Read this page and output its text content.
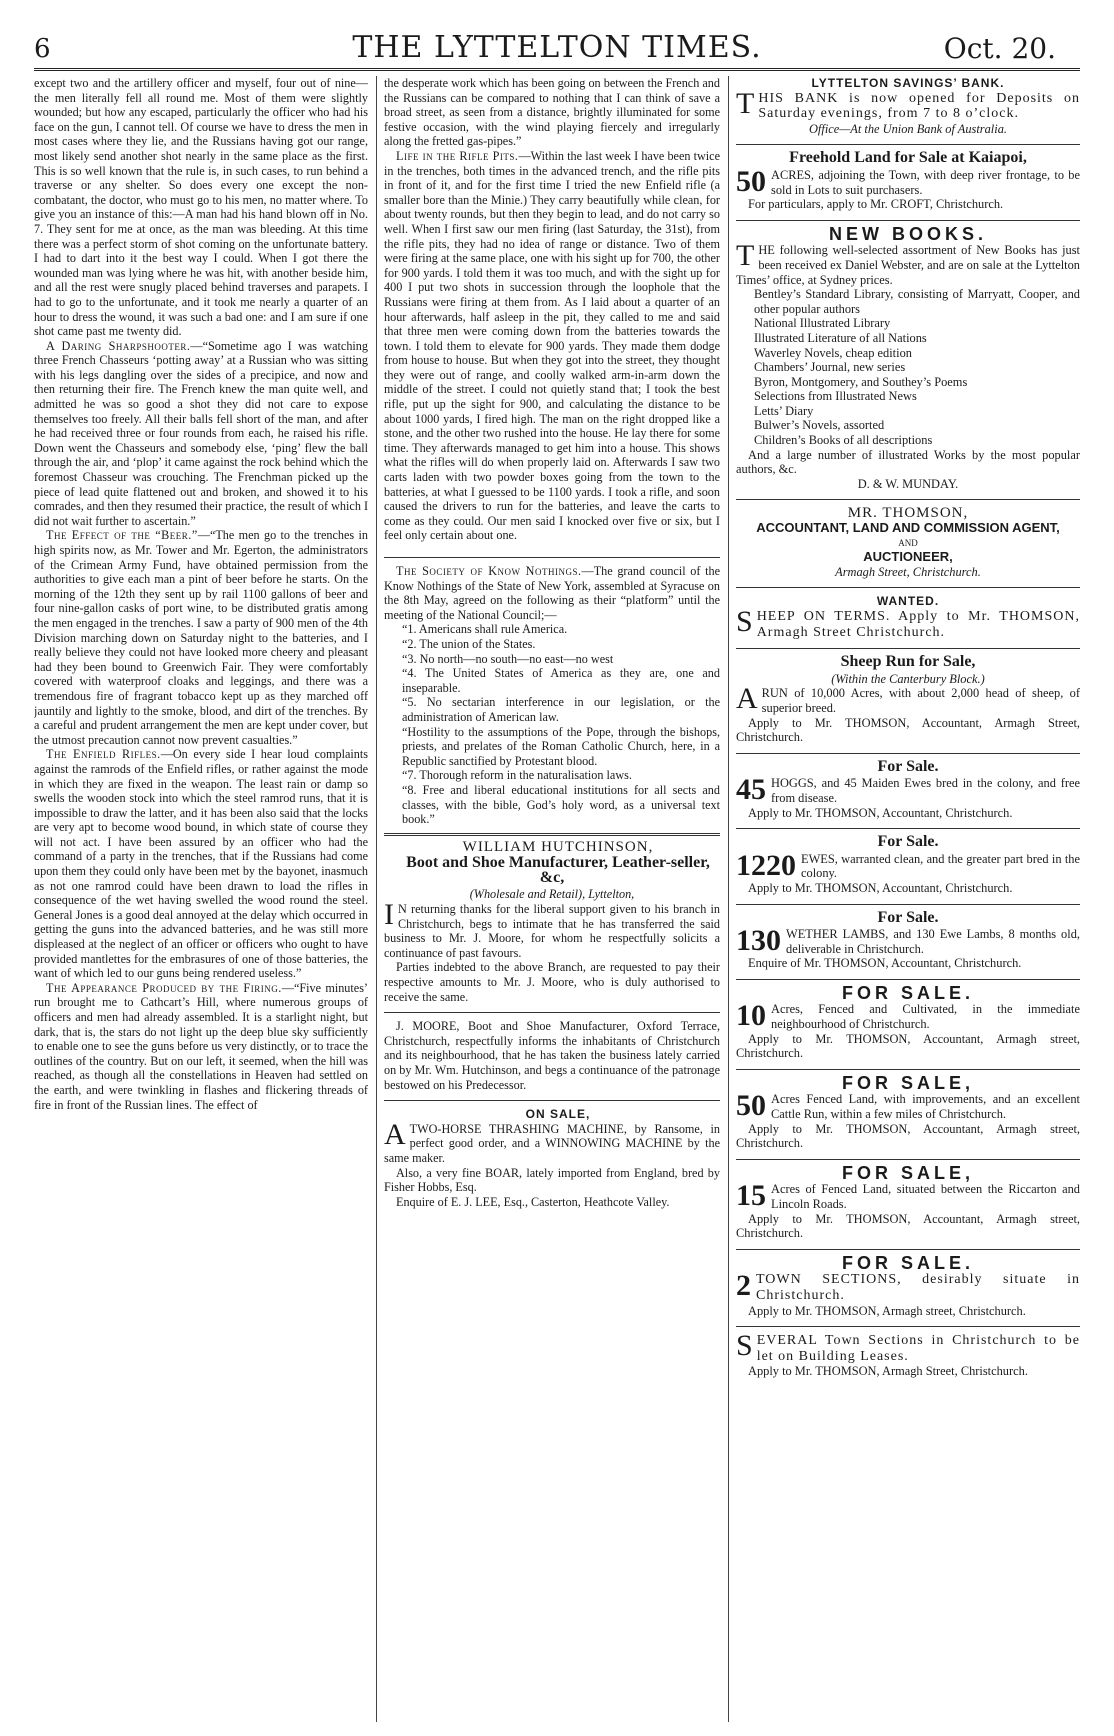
6	THE LYTTELTON TIMES.	Oct. 20.

except two and the artillery officer and myself, four out of nine—the men literally fell all round me. Most of them were slightly wounded; but how any escaped, particularly the officer who had his face on the gun, I cannot tell. Of course we have to dress the men in most cases where they lie, and the Russians having got our range, most likely send another shot nearly in the same place as the first. This is so well known that the rule is, in such cases, to run behind a traverse or any shelter. So does every one except the non-combatant, the doctor, who must go to his men, no matter where. To give you an instance of this:—A man had his hand blown off in No. 7. They sent for me at once, as the man was bleeding. At this time there was a perfect storm of shot coming on the unfortunate battery. I had to dart into it the best way I could. When I got there the wounded man was lying where he was hit, with another beside him, and all the rest were snugly placed behind traverses and parapets. I had to go to the unfortunate, and it took me nearly a quarter of an hour to dress the wound, it was such a bad one: and I am sure if one shot came past me twenty did.

A Daring Sharpshooter.—“Sometime ago I was watching three French Chasseurs ‘potting away’ at a Russian who was sitting with his legs dangling over the sides of a precipice, and now and then returning their fire. The French knew the man quite well, and admitted he was so good a shot they did not care to expose themselves too freely. All their balls fell short of the man, and after he had received three or four rounds from each, he raised his rifle. Down went the Chasseurs and somebody else, ‘ping’ flew the ball through the air, and ‘plop’ it came against the rock behind which the foremost Chasseur was crouching. The Frenchman picked up the piece of lead quite flattened out and broken, and showed it to his comrades, and then they resumed their practice, the result of which I did not wait further to ascertain.”

The Effect of the “Beer.”—“The men go to the trenches in high spirits now, as Mr. Tower and Mr. Egerton, the administrators of the Crimean Army Fund, have obtained permission from the authorities to give each man a pint of beer before he starts. On the morning of the 12th they sent up by rail 1100 gallons of beer and four nine-gallon casks of port wine, to be distributed gratis among the men engaged in the trenches. I saw a party of 900 men of the 4th Division marching down on Saturday night to the batteries, and I really believe they could not have looked more cheery and pleasant had they been bound to Greenwich Fair. They were comfortably covered with waterproof cloaks and leggings, and there was a tremendous fire of fragrant tobacco kept up as they marched off jauntily and lightly to the smoke, blood, and dirt of the trenches. By a careful and prudent arrangement the men are kept under cover, but the utmost precaution cannot now prevent casualties.”

The Enfield Rifles.—On every side I hear loud complaints against the ramrods of the Enfield rifles, or rather against the mode in which they are fixed in the weapon. The least rain or damp so swells the wooden stock into which the steel ramrod runs, that it is impossible to draw the latter, and it has been also said that the locks are very apt to become wood bound, in which state of course they will not act. I have been assured by an officer who had the command of a party in the trenches, that if the Russians had come upon them they could only have been met by the bayonet, inasmuch as not one ramrod could have been drawn to load the rifles in consequence of the wet having swelled the wood round the steel. General Jones is a good deal annoyed at the delay which occurred in getting the guns into the advanced batteries, and he was still more displeased at the neglect of an officer or officers who ought to have provided mantlettes for the embrasures of one of those batteries, the want of which led to our guns being rendered useless.”

The Appearance Produced by the Firing.—“Five minutes’ run brought me to Cathcart’s Hill, where numerous groups of officers and men had already assembled. It is a starlight night, but dark, that is, the stars do not light up the deep blue sky sufficiently to enable one to see the guns before us very distinctly, or to trace the outlines of the country. But on our left, it seemed, when the hill was reached, as though all the constellations in Heaven had settled on the earth, and were twinkling in flashes and flickering threads of fire in front of the Russian lines. The effect of

the desperate work which has been going on between the French and the Russians can be compared to nothing that I can think of save a broad street, as seen from a distance, brightly illuminated for some festive occasion, with the wind playing fiercely and irregularly along the fretted gas-pipes.”

Life in the Rifle Pits.—Within the last week I have been twice in the trenches, both times in the advanced trench, and the rifle pits in front of it, and for the first time I tried the new Enfield rifle (a smaller bore than the Minie.) They carry beautifully while clean, for about twenty rounds, but then they begin to lead, and do not carry so well. When I first saw our men firing (last Saturday, the 31st), from the rifle pits, they had no idea of range or distance. Two of them were firing at the same place, one with his sight up for 700, the other for 900 yards. I told them it was too much, and with the sight up for 400 I put two shots in succession through the loophole that the Russians were firing at them from. As I laid about a quarter of an hour afterwards, half asleep in the pit, they called to me and said that three men were coming down from the batteries towards the town. I told them to elevate for 900 yards. They made them dodge from house to house. But when they got into the street, they thought they were out of range, and coolly walked arm-in-arm down the middle of the street. I could not quietly stand that; I took the best rifle, put up the sight for 900, and calculating the distance to be about 1000 yards, I fired high. The man on the right dropped like a stone, and the other two rushed into the house. He lay there for some time. They afterwards managed to get him into a house. This shows what the rifles will do when properly laid on. Afterwards I saw two carts laden with two powder boxes going from the town to the batteries, at what I guessed to be 1100 yards. I took a rifle, and soon caused the drivers to run for the batteries, and leave the carts to come as they could. Our men said I knocked over five or six, but I feel only certain about one.

The Society of Know Nothings.—The grand council of the Know Nothings of the State of New York, assembled at Syracuse on the 8th May, agreed on the following as their “platform” until the meeting of the National Council;—

“1. Americans shall rule America.

“2. The union of the States.

“3. No north—no south—no east—no west

“4. The United States of America as they are, one and inseparable.

“5. No sectarian interference in our legislation, or the administration of American law.

“Hostility to the assumptions of the Pope, through the bishops, priests, and prelates of the Roman Catholic Church, here, in a Republic sanctified by Protestant blood.

“7. Thorough reform in the naturalisation laws.

“8. Free and liberal educational institutions for all sects and classes, with the bible, God’s holy word, as a universal text book.”

WILLIAM HUTCHINSON,

Boot and Shoe Manufacturer, Leather-seller, &c,

(Wholesale and Retail), Lyttelton,

I N returning thanks for the liberal support given to his branch in Christchurch, begs to intimate that he has transferred the said business to Mr. J. Moore, for whom he respectfully solicits a continuance of past favours.

Parties indebted to the above Branch, are requested to pay their respective amounts to Mr. J. Moore, who is duly authorised to receive the same.

J. MOORE, Boot and Shoe Manufacturer, Oxford Terrace, Christchurch, respectfully informs the inhabitants of Christchurch and its neighbourhood, that he has taken the business lately carried on by Mr. Wm. Hutchinson, and begs a continuance of the patronage bestowed on his Predecessor.

ON SALE,

ATWO-HORSE THRASHING MACHINE, by Ransome, in perfect good order, and a WINNOWING MACHINE by the same maker.

Also, a very fine BOAR, lately imported from England, bred by Fisher Hobbs, Esq.

Enquire of E. J. LEE, Esq., Casterton, Heathcote Valley.

LYTTELTON SAVINGS’ BANK.

THIS BANK is now opened for Deposits on Saturday evenings, from 7 to 8 o’clock.

Office—At the Union Bank of Australia.

Freehold Land for Sale at Kaiapoi,

50 ACRES, adjoining the Town, with deep river frontage, to be sold in Lots to suit purchasers.

For particulars, apply to Mr. CROFT, Christchurch.

NEW BOOKS.

THE following well-selected assortment of New Books has just been received ex Daniel Webster, and are on sale at the Lyttelton Times’ office, at Sydney prices.

Bentley’s Standard Library, consisting of Marryatt, Cooper, and other popular authors

National Illustrated Library

Illustrated Literature of all Nations

Waverley Novels, cheap edition

Chambers’ Journal, new series

Byron, Montgomery, and Southey’s Poems

Selections from Illustrated News

Letts’ Diary

Bulwer’s Novels, assorted

Children’s Books of all descriptions

And a large number of illustrated Works by the most popular authors, &c.

D. & W. MUNDAY.

MR. THOMSON,

ACCOUNTANT, LAND AND COMMISSION AGENT,

AND

AUCTIONEER,

Armagh Street, Christchurch.

WANTED.

SHEEP ON TERMS. Apply to Mr. THOMSON, Armagh Street Christchurch.

Sheep Run for Sale,

(Within the Canterbury Block.)

ARUN of 10,000 Acres, with about 2,000 head of sheep, of superior breed.

Apply to Mr. THOMSON, Accountant, Armagh Street, Christchurch.

For Sale.

45 HOGGS, and 45 Maiden Ewes bred in the colony, and free from disease.

Apply to Mr. THOMSON, Accountant, Christchurch.

For Sale.

1220 EWES, warranted clean, and the greater part bred in the colony.

Apply to Mr. THOMSON, Accountant, Christchurch.

For Sale.

130 WETHER LAMBS, and 130 Ewe Lambs, 8 months old, deliverable in Christchurch.

Enquire of Mr. THOMSON, Accountant, Christchurch.

FOR SALE.

10 Acres, Fenced and Cultivated, in the immediate neighbourhood of Christchurch.

Apply to Mr. THOMSON, Accountant, Armagh street, Christchurch.

FOR SALE,

50 Acres Fenced Land, with improvements, and an excellent Cattle Run, within a few miles of Christchurch.

Apply to Mr. THOMSON, Accountant, Armagh street, Christchurch.

FOR SALE,

15 Acres of Fenced Land, situated between the Riccarton and Lincoln Roads.

Apply to Mr. THOMSON, Accountant, Armagh street, Christchurch.

FOR SALE.

2 TOWN SECTIONS, desirably situate in Christchurch.

Apply to Mr. THOMSON, Armagh street, Christchurch.

SEVERAL Town Sections in Christchurch to be let on Building Leases.

Apply to Mr. THOMSON, Armagh Street, Christchurch.
